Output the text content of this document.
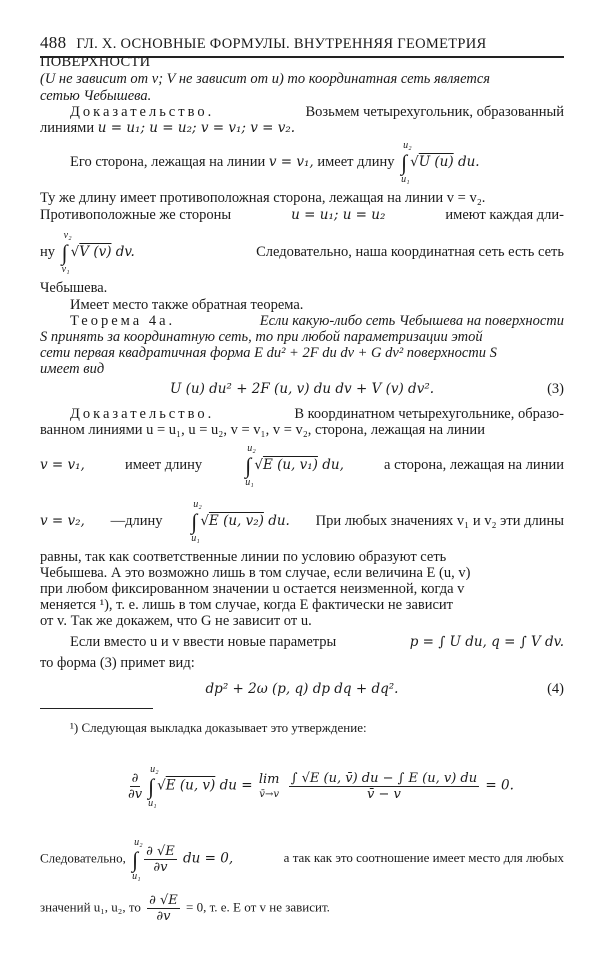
488 ГЛ. X. ОСНОВНЫЕ ФОРМУЛЫ. ВНУТРЕННЯЯ ГЕОМЕТРИЯ ПОВЕРХНОСТИ
(U не зависит от v; V не зависит от u) то координатная сеть является
сетью Чебышева.
Доказательство.	Возьмем четырехугольник, образованный
линиями u = u₁; u = u₂; v = v₁; v = v₂.
Его сторона, лежащая на линии v = v₁, имеет длину ∫
u₂
u₁
√U (u) du.
Ту же длину имеет противоположная сторона, лежащая на линии v = v₂.
Противоположные же стороны	u = u₁; u = u₂	имеют каждая дли-
ну ∫
v₂
v₁
√V (v) dv.	Следовательно, наша координатная сеть есть сеть
Чебышева.
Имеет место также обратная теорема.
Теорема 4а.	Если какую-либо сеть Чебышева на поверхности
S принять за координатную сеть, то при любой параметризации этой
сети первая квадратичная форма E du² + 2F du dv + G dv² поверхности S
имеет вид
U (u) du² + 2F (u, v) du dv + V (v) dv².	(3)
Доказательство.	В координатном четырехугольнике, образо-
ванном линиями u = u₁, u = u₂, v = v₁, v = v₂, сторона, лежащая на линии
v = v₁,	имеет длину ∫
u₂
u₁
√E (u, v₁) du,	а сторона, лежащая на линии
v = v₂, —длину ∫
u₂
u₁
√E (u, v₂) du. При любых значениях v₁ и v₂ эти длины
равны, так как соответственные линии по условию образуют сеть
Чебышева. А это возможно лишь в том случае, если величина E (u, v)
при любом фиксированном значении u остается неизменной, когда v
меняется ¹), т. е. лишь в том случае, когда E фактически не зависит
от v. Так же докажем, что G не зависит от u.
Если вместо u и v ввести новые параметры	p = ∫ U du, q = ∫ V dv.
то форма (3) примет вид:
dp² + 2ω (p, q) dp dq + dq².	(4)
¹) Следующая выкладка доказывает это утверждение:
$\frac{\partial}{\partial v}$ ∫
u₂
u₁
√E (u, v) du = lim
v̄→v
$\frac{\int √E (u, v̄) du - \int E (u, v) du}{v̄ - v} = 0$.
Следовательно, ∫
u₂
u₁
$\frac{\partial √E}{\partial v}$ du = 0,	а так как это соотношение имеет место для любых
значений u₁, u₂, то $\frac{\partial √E}{\partial v} = 0$, т. е. E от v не зависит.
